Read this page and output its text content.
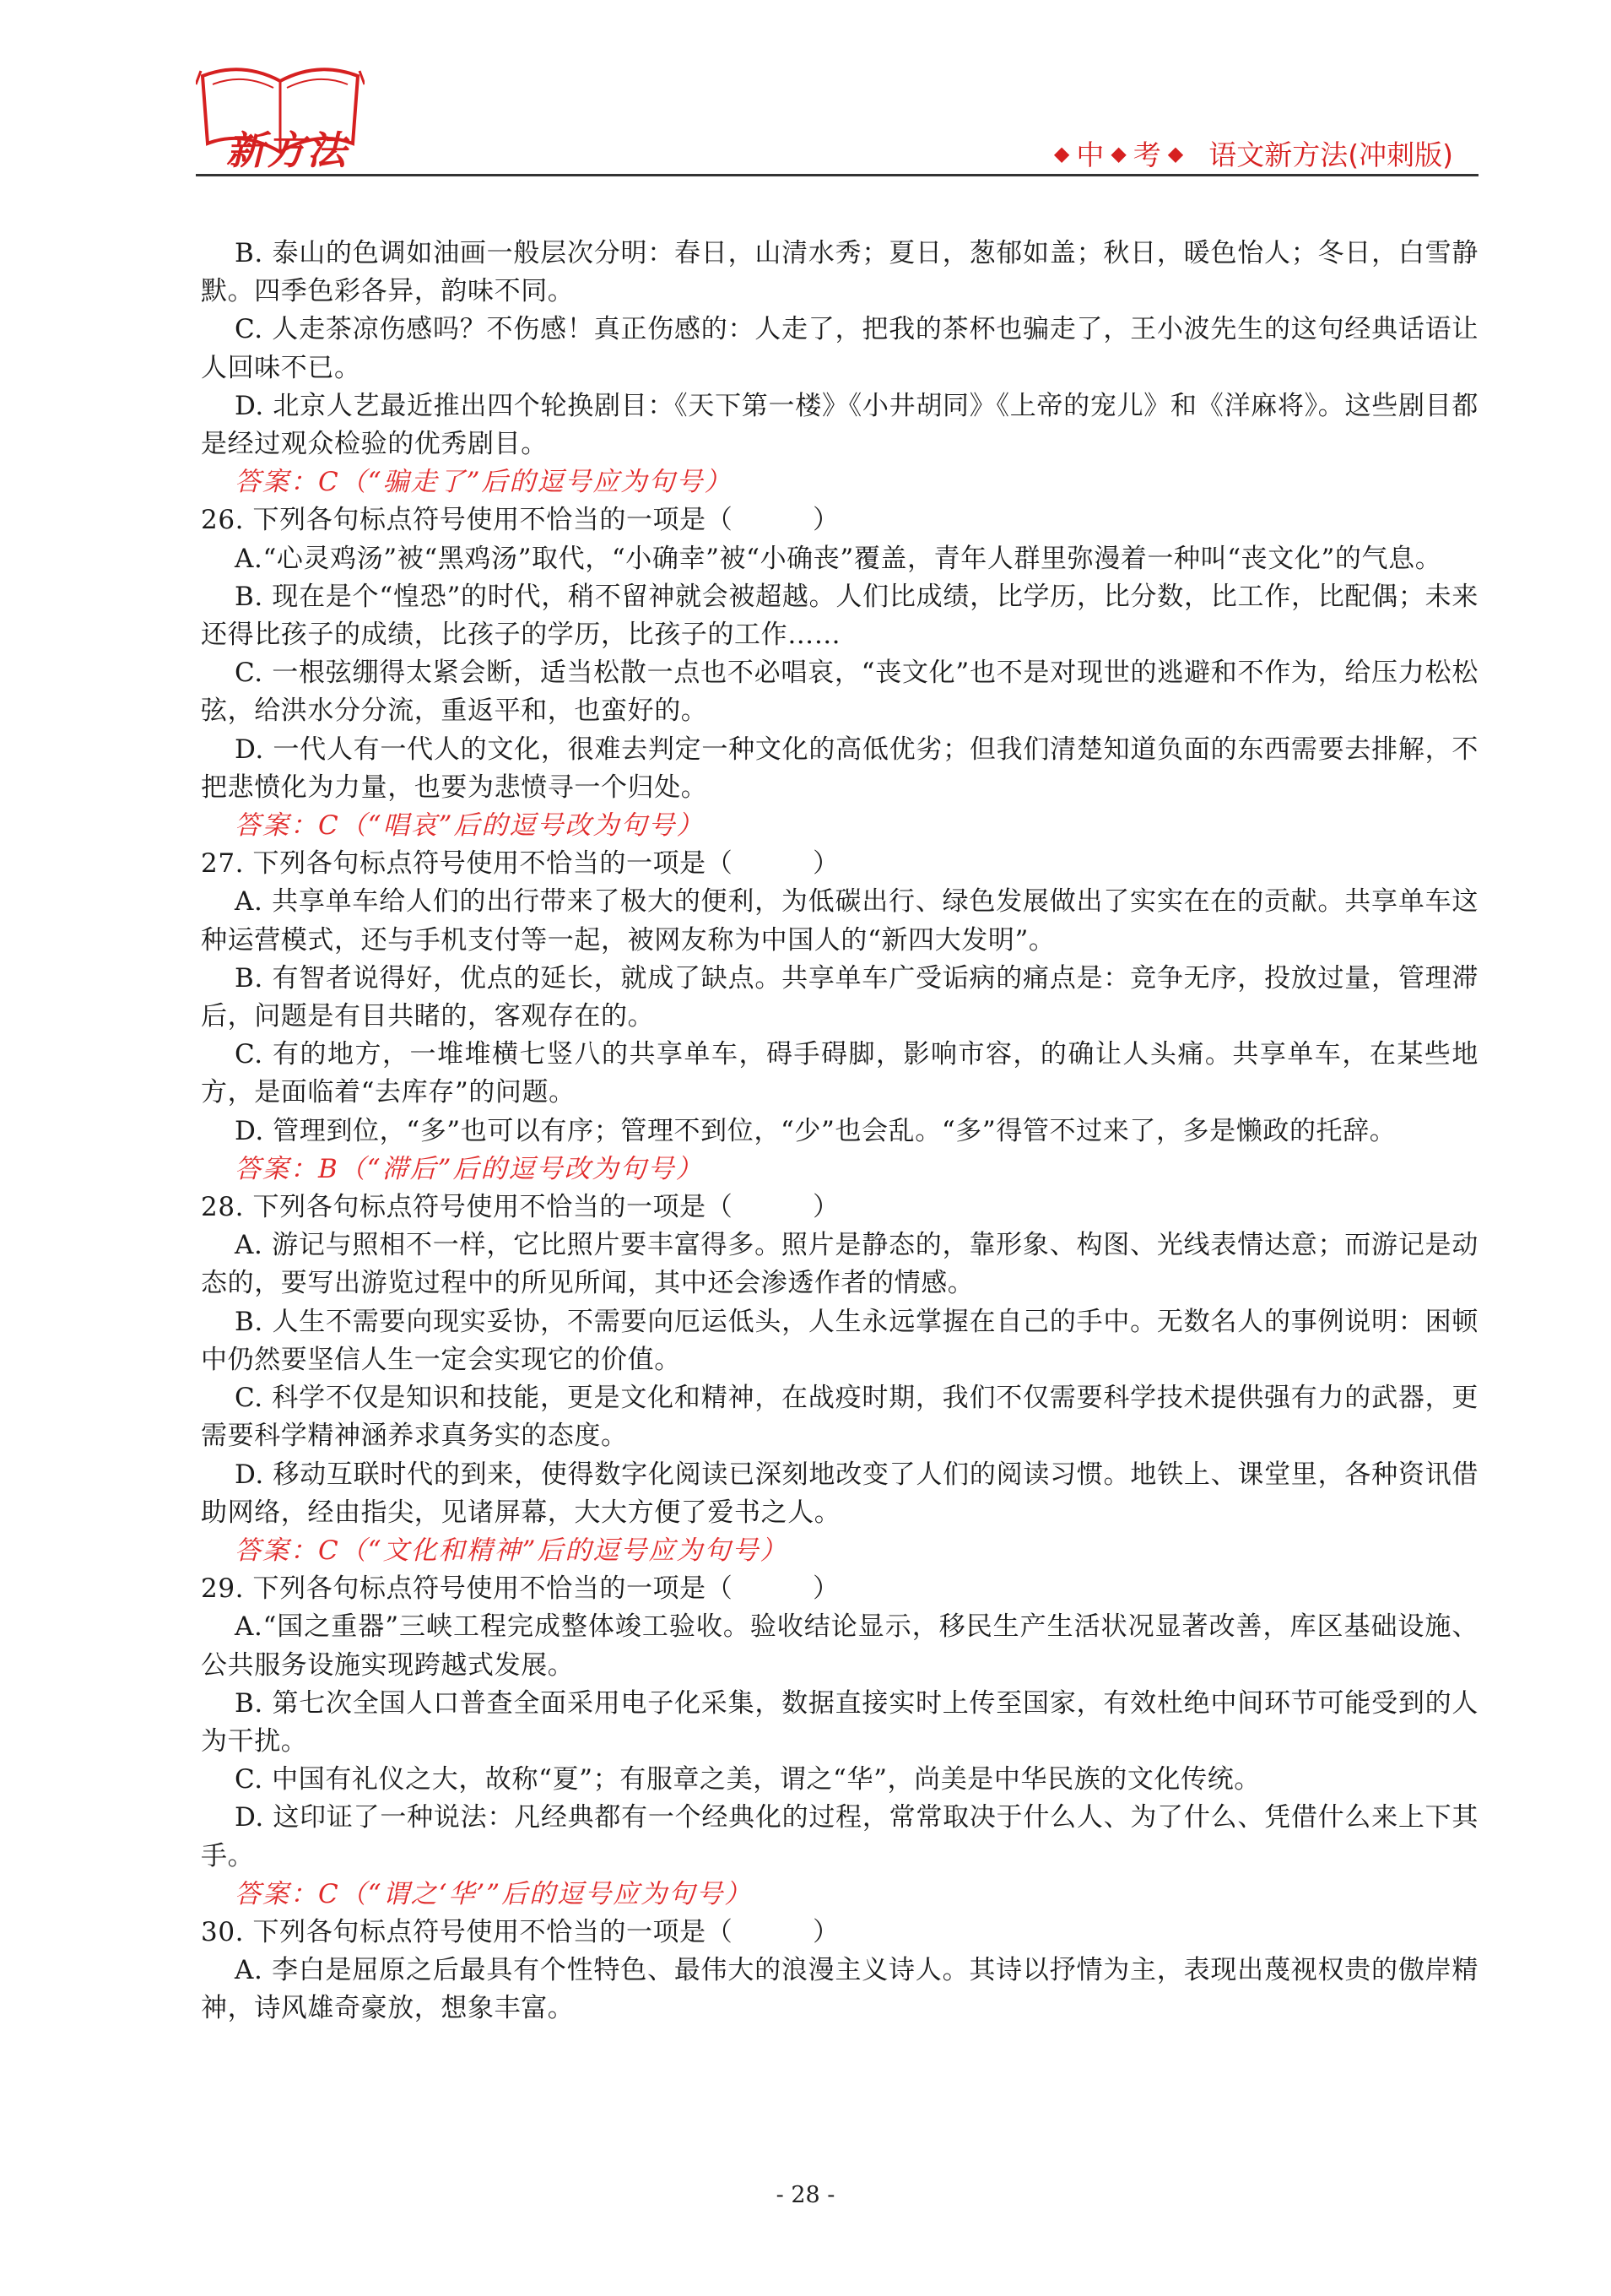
新方法	◆ 中 ◆ 考 ◆ 语文新方法(冲刺版)

B. 泰山的色调如油画一般层次分明：春日，山清水秀；夏日，葱郁如盖；秋日，暖色怡人；冬日，白雪静默。四季色彩各异，韵味不同。

C. 人走茶凉伤感吗？不伤感！真正伤感的：人走了，把我的茶杯也骗走了，王小波先生的这句经典话语让人回味不已。

D. 北京人艺最近推出四个轮换剧目：《天下第一楼》《小井胡同》《上帝的宠儿》和《洋麻将》。这些剧目都是经过观众检验的优秀剧目。

答案：C（“骗走了”后的逗号应为句号）

26. 下列各句标点符号使用不恰当的一项是（　　　）

A.“心灵鸡汤”被“黑鸡汤”取代，“小确幸”被“小确丧”覆盖，青年人群里弥漫着一种叫“丧文化”的气息。

B. 现在是个“惶恐”的时代，稍不留神就会被超越。人们比成绩，比学历，比分数，比工作，比配偶；未来还得比孩子的成绩，比孩子的学历，比孩子的工作……

C. 一根弦绷得太紧会断，适当松散一点也不必唱哀，“丧文化”也不是对现世的逃避和不作为，给压力松松弦，给洪水分分流，重返平和，也蛮好的。

D. 一代人有一代人的文化，很难去判定一种文化的高低优劣；但我们清楚知道负面的东西需要去排解，不把悲愤化为力量，也要为悲愤寻一个归处。

答案：C（“唱哀”后的逗号改为句号）

27. 下列各句标点符号使用不恰当的一项是（　　　）

A. 共享单车给人们的出行带来了极大的便利，为低碳出行、绿色发展做出了实实在在的贡献。共享单车这种运营模式，还与手机支付等一起，被网友称为中国人的“新四大发明”。

B. 有智者说得好，优点的延长，就成了缺点。共享单车广受诟病的痛点是：竞争无序，投放过量，管理滞后，问题是有目共睹的，客观存在的。

C. 有的地方，一堆堆横七竖八的共享单车，碍手碍脚，影响市容，的确让人头痛。共享单车，在某些地方，是面临着“去库存”的问题。

D. 管理到位，“多”也可以有序；管理不到位，“少”也会乱。“多”得管不过来了，多是懒政的托辞。

答案：B（“滞后”后的逗号改为句号）

28. 下列各句标点符号使用不恰当的一项是（　　　）

A. 游记与照相不一样，它比照片要丰富得多。照片是静态的，靠形象、构图、光线表情达意；而游记是动态的，要写出游览过程中的所见所闻，其中还会渗透作者的情感。

B. 人生不需要向现实妥协，不需要向厄运低头，人生永远掌握在自己的手中。无数名人的事例说明：困顿中仍然要坚信人生一定会实现它的价值。

C. 科学不仅是知识和技能，更是文化和精神，在战疫时期，我们不仅需要科学技术提供强有力的武器，更需要科学精神涵养求真务实的态度。

D. 移动互联时代的到来，使得数字化阅读已深刻地改变了人们的阅读习惯。地铁上、课堂里，各种资讯借助网络，经由指尖，见诸屏幕，大大方便了爱书之人。

答案：C（“文化和精神”后的逗号应为句号）

29. 下列各句标点符号使用不恰当的一项是（　　　）

A.“国之重器”三峡工程完成整体竣工验收。验收结论显示，移民生产生活状况显著改善，库区基础设施、公共服务设施实现跨越式发展。

B. 第七次全国人口普查全面采用电子化采集，数据直接实时上传至国家，有效杜绝中间环节可能受到的人为干扰。

C. 中国有礼仪之大，故称“夏”；有服章之美，谓之“华”，尚美是中华民族的文化传统。

D. 这印证了一种说法：凡经典都有一个经典化的过程，常常取决于什么人、为了什么、凭借什么来上下其手。

答案：C（“谓之‘华’”后的逗号应为句号）

30. 下列各句标点符号使用不恰当的一项是（　　　）

A. 李白是屈原之后最具有个性特色、最伟大的浪漫主义诗人。其诗以抒情为主，表现出蔑视权贵的傲岸精神，诗风雄奇豪放，想象丰富。

- 28 -
